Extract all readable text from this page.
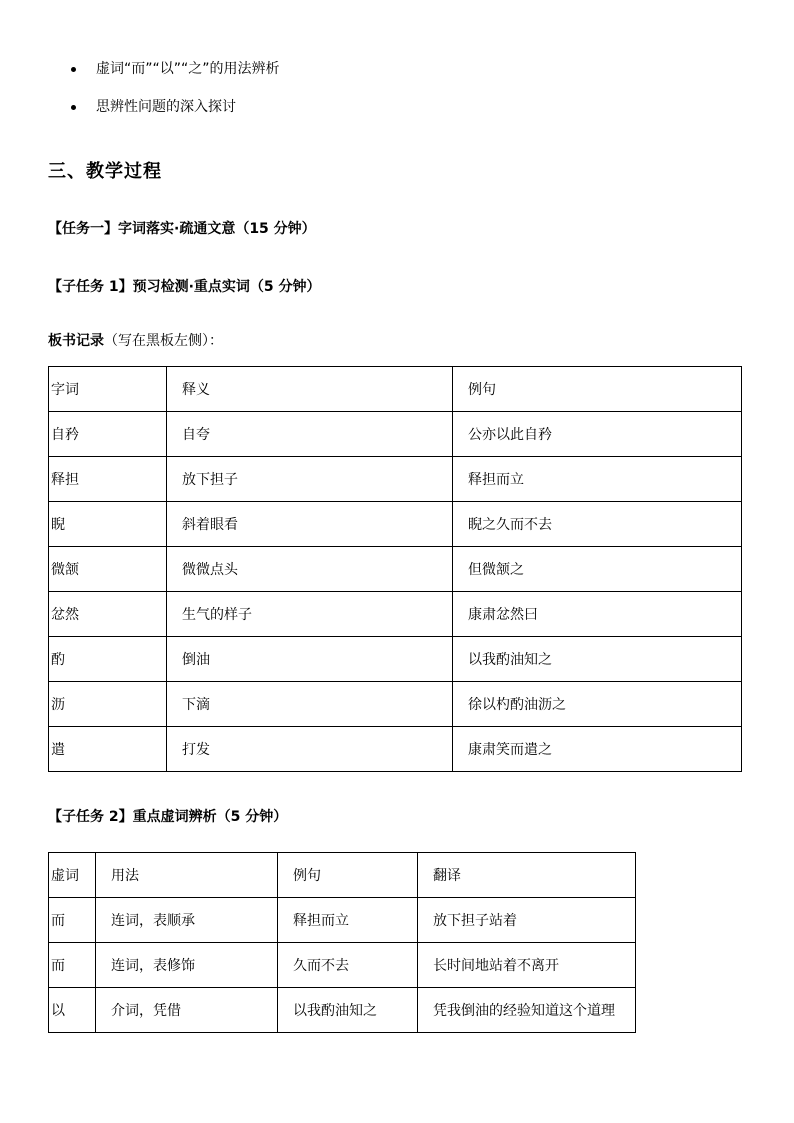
虚词“而”“以”“之”的用法辨析
思辨性问题的深入探讨
三、教学过程

【任务一】字词落实·疏通文意（15 分钟）

【子任务 1】预习检测·重点实词（5 分钟）

板书记录（写在黑板左侧）：

字词	释义	例句
自矜	自夸	公亦以此自矜
释担	放下担子	释担而立
睨	斜着眼看	睨之久而不去
微颔	微微点头	但微颔之
忿然	生气的样子	康肃忿然曰
酌	倒油	以我酌油知之
沥	下滴	徐以杓酌油沥之
遣	打发	康肃笑而遣之

【子任务 2】重点虚词辨析（5 分钟）

虚词	用法	例句	翻译
而	连词，表顺承	释担而立	放下担子站着
而	连词，表修饰	久而不去	长时间地站着不离开
以	介词，凭借	以我酌油知之	凭我倒油的经验知道这个道理
